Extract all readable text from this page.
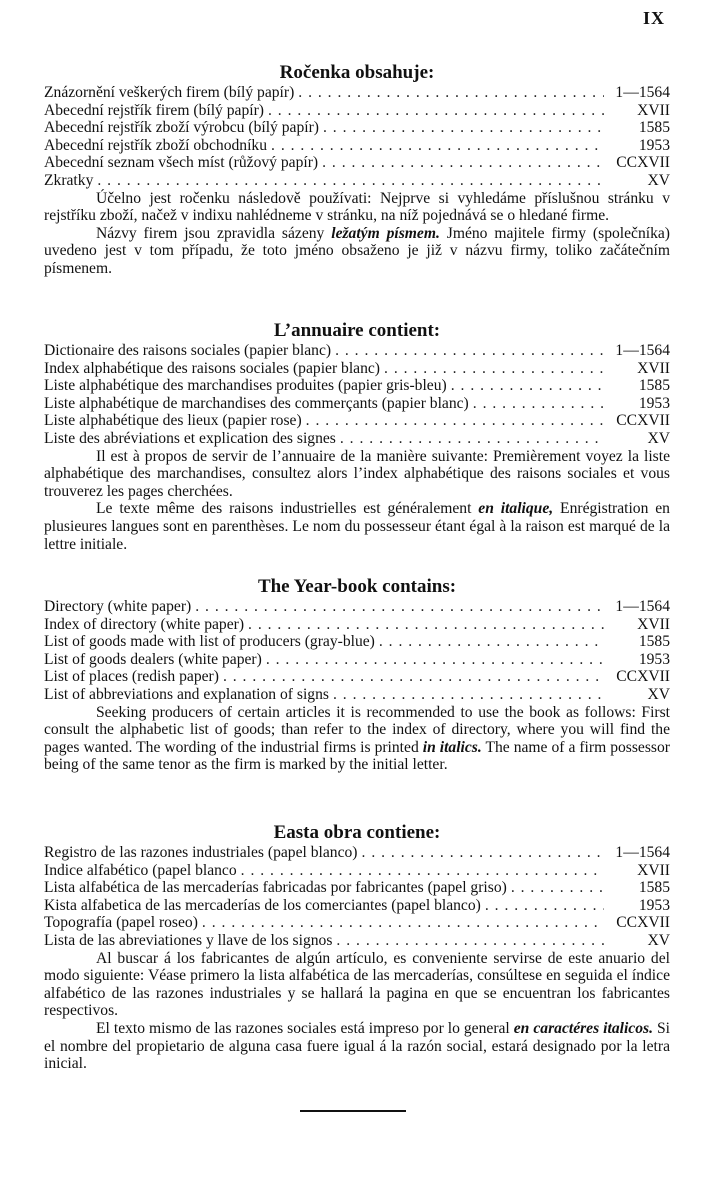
IX
Ročenka obsahuje:
Znázornění veškerých firem (bílý papír) . . .	1—1564
Abecední rejstřík firem (bílý papír) . . .	XVII
Abecední rejstřík zboží výrobcu (bílý papír) . . .	1585
Abecední rejstřík zboží obchodníku . . .	1953
Abecední seznam všech míst (růžový papír) . . .	CCXVII
Zkratky . . .	XV

Účelno jest ročenku následově používati: Nejprve si vyhledáme příslušnou stránku v rejstříku zboží, načež v indixu nahlédneme v stránku, na níž pojednává se o hledané firme.

Názvy firem jsou zpravidla sázeny ležatým písmem. Jméno majitele firmy (společníka) uvedeno jest v tom případu, že toto jméno obsaženo je již v názvu firmy, toliko začátečním písmenem.

L’annuaire contient:
Dictionaire des raisons sociales (papier blanc) . . .	1—1564
Index alphabétique des raisons sociales (papier blanc) . . .	XVII
Liste alphabétique des marchandises produites (papier gris-bleu) . . .	1585
Liste alphabétique de marchandises des commerçants (papier blanc) . . .	1953
Liste alphabétique des lieux (papier rose) . . .	CCXVII
Liste des abréviations et explication des signes . . .	XV

Il est à propos de servir de l’annuaire de la manière suivante: Premièrement voyez la liste alphabétique des marchandises, consultez alors l’index alphabétique des raisons sociales et vous trouverez les pages cherchées.

Le texte même des raisons industrielles est généralement en italique, Enrégistration en plusieures langues sont en parenthèses. Le nom du possesseur étant égal à la raison est marqué de la lettre initiale.

The Year-book contains:
Directory (white paper) . . .	1—1564
Index of directory (white paper) . . .	XVII
List of goods made with list of producers (gray-blue) . . .	1585
List of goods dealers (white paper) . . .	1953
List of places (redish paper) . . .	CCXVII
List of abbreviations and explanation of signs . . .	XV

Seeking producers of certain articles it is recommended to use the book as follows: First consult the alphabetic list of goods; than refer to the index of directory, where you will find the pages wanted. The wording of the industrial firms is printed in italics. The name of a firm possessor being of the same tenor as the firm is marked by the initial letter.

Easta obra contiene:
Registro de las razones industriales (papel blanco) . . .	1—1564
Indice alfabético (papel blanco . . .	XVII
Lista alfabética de las mercaderías fabricadas por fabricantes (papel griso) . . .	1585
Kista alfabetica de las mercaderías de los comerciantes (papel blanco) . . .	1953
Topografía (papel roseo) . . .	CCXVII
Lista de las abreviationes y llave de los signos . . .	XV

Al buscar á los fabricantes de algún artículo, es conveniente servirse de este anuario del modo siguiente: Véase primero la lista alfabética de las mercaderías, consúltese en seguida el índice alfabético de las razones industriales y se hallará la pagina en que se encuentran los fabricantes respectivos.

El texto mismo de las razones sociales está impreso por lo general en caractéres italicos. Si el nombre del propietario de alguna casa fuere igual á la razón social, estará designado por la letra inicial.
